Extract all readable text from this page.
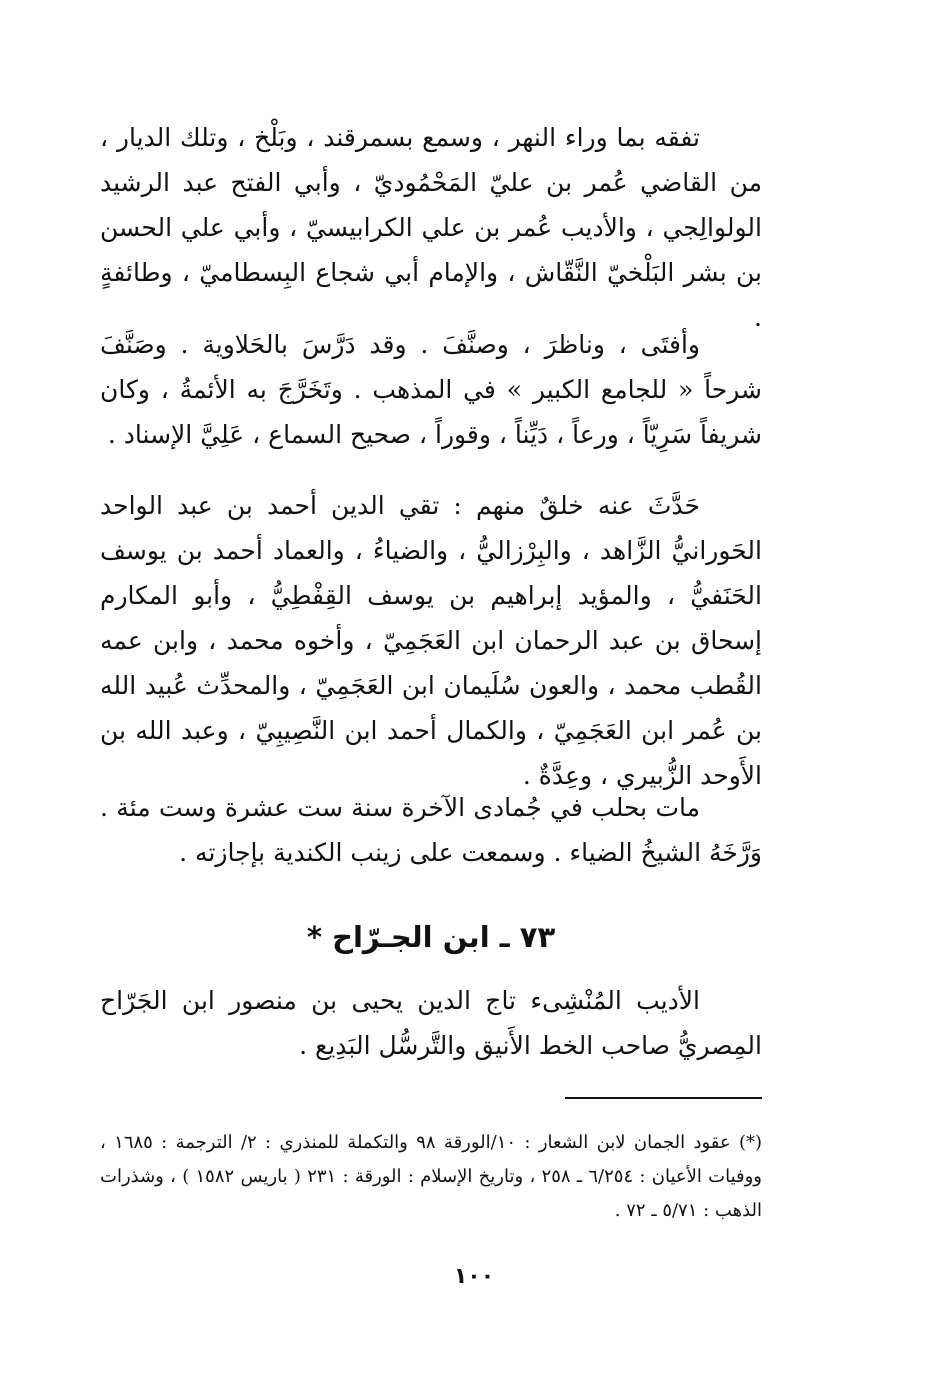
تفقه بما وراء النهر ، وسمع بسمرقند ، وبَلْخ ، وتلك الديار ، من القاضي عُمر بن عليّ المَحْمُوديّ ، وأبي الفتح عبد الرشيد الولوالِجي ، والأديب عُمر بن علي الكرابيسيّ ، وأبي علي الحسن بن بشر البَلْخيّ النَّقّاش ، والإمام أبي شجاع البِسطاميّ ، وطائفةٍ .

وأفتَى ، وناظرَ ، وصنَّفَ . وقد دَرَّسَ بالحَلاوية . وصَنَّفَ شرحاً « للجامع الكبير » في المذهب . وتَخَرَّجَ به الأئمةُ ، وكان شريفاً سَرِيّاً ، ورعاً ، دَيِّناً ، وقوراً ، صحيح السماع ، عَلِيَّ الإسناد .

حَدَّثَ عنه خلقٌ منهم : تقي الدين أحمد بن عبد الواحد الحَورانيُّ الزَّاهد ، والبِرْزاليُّ ، والضياءُ ، والعماد أحمد بن يوسف الحَنَفيُّ ، والمؤيد إبراهيم بن يوسف القِفْطِيُّ ، وأبو المكارم إسحاق بن عبد الرحمان ابن العَجَمِيّ ، وأخوه محمد ، وابن عمه القُطب محمد ، والعون سُلَيمان ابن العَجَمِيّ ، والمحدِّث عُبيد الله بن عُمر ابن العَجَمِيّ ، والكمال أحمد ابن النَّصِيبِيّ ، وعبد الله بن الأَوحد الزُّبيري ، وعِدَّةٌ .

مات بحلب في جُمادى الآخرة سنة ست عشرة وست مئة . وَرَّخَهُ الشيخُ الضياء . وسمعت على زينب الكندية بإجازته .

٧٣ ـ ابن الجـرّاح *

الأديب المُنْشِىء تاج الدين يحيى بن منصور ابن الجَرّاح المِصريُّ صاحب الخط الأَنيق والتَّرسُّل البَدِيع .

(*) عقود الجمان لابن الشعار : ١٠/الورقة ٩٨ والتكملة للمنذري : ٢/ الترجمة : ١٦٨٥ ، ووفيات الأعيان : ٦/٢٥٤ ـ ٢٥٨ ، وتاريخ الإسلام : الورقة : ٢٣١ ( باريس ١٥٨٢ ) ، وشذرات الذهب : ٥/٧١ ـ ٧٢ .

١٠٠
